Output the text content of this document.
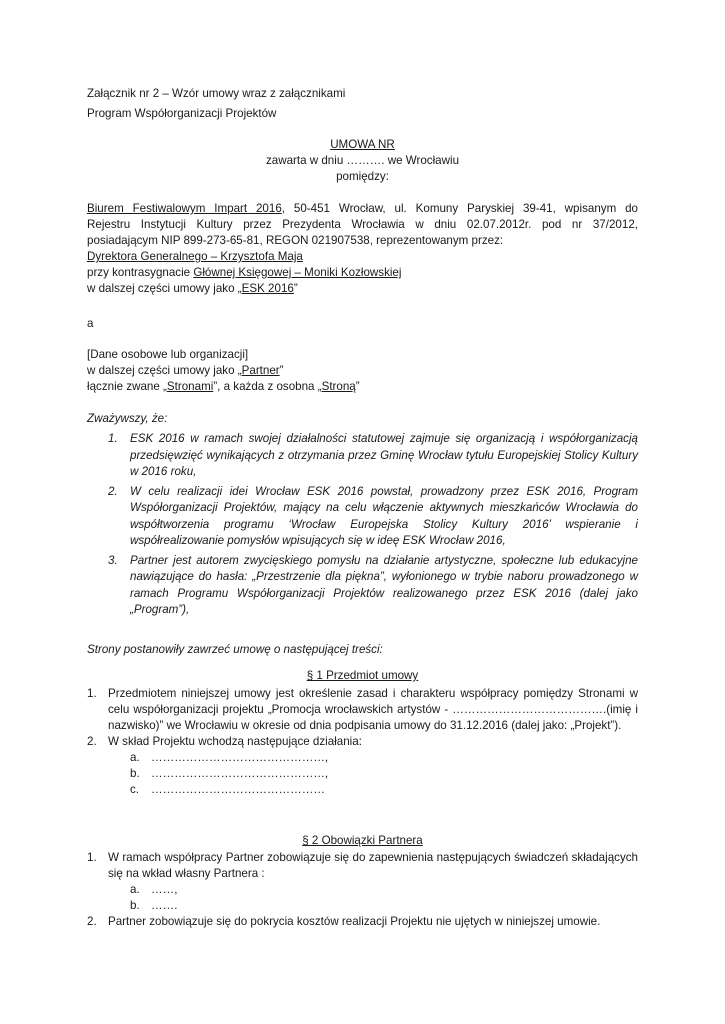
Załącznik nr 2 – Wzór umowy wraz z załącznikami
Program Współorganizacji Projektów
UMOWA NR
zawarta w dniu ………. we Wrocławiu
pomiędzy:
Biurem Festiwalowym Impart 2016, 50-451 Wrocław, ul. Komuny Paryskiej 39-41, wpisanym do
Rejestru Instytucji Kultury przez Prezydenta Wrocławia w dniu 02.07.2012r. pod nr 37/2012,
posiadającym NIP 899-273-65-81, REGON 021907538, reprezentowanym przez:
Dyrektora Generalnego – Krzysztofa Maja
przy kontrasygnacie Głównej Księgowej – Moniki Kozłowskiej
w dalszej części umowy jako „ESK 2016”
a
[Dane osobowe lub organizacji]
w dalszej części umowy jako „Partner”
łącznie zwane „Stronami”, a każda z osobna „Stroną”
Zważywszy, że:
1. ESK 2016 w ramach swojej działalności statutowej zajmuje się organizacją i współorganizacją przedsięwzięć wynikających z otrzymania przez Gminę Wrocław tytułu Europejskiej Stolicy Kultury w 2016 roku,
2. W celu realizacji idei Wrocław ESK 2016 powstał, prowadzony przez ESK 2016, Program Współorganizacji Projektów, mający na celu włączenie aktywnych mieszkańców Wrocławia do współtworzenia programu ‘Wrocław Europejska Stolicy Kultury 2016’ wspieranie i współrealizowanie pomysłów wpisujących się w ideę ESK Wrocław 2016,
3. Partner jest autorem zwycięskiego pomysłu na działanie artystyczne, społeczne lub edukacyjne nawiązujące do hasła: „Przestrzenie dla piękna”, wyłonionego w trybie naboru prowadzonego w ramach Programu Współorganizacji Projektów realizowanego przez ESK 2016 (dalej jako „Program”),
Strony postanowiły zawrzeć umowę o następującej treści:
§ 1 Przedmiot umowy
1. Przedmiotem niniejszej umowy jest określenie zasad i charakteru współpracy pomiędzy Stronami w celu współorganizacji projektu „Promocja wrocławskich artystów - ………………………………….(imię i nazwisko)” we Wrocławiu w okresie od dnia podpisania umowy do 31.12.2016 (dalej jako: „Projekt”).
2. W skład Projektu wchodzą następujące działania:
a. ………………………………………,
b. ………………………………………,
c. ………………………………………
§ 2 Obowiązki Partnera
1. W ramach współpracy Partner zobowiązuje się do zapewnienia następujących świadczeń składających się na wkład własny Partnera :
a. ……,
b. …….
2. Partner zobowiązuje się do pokrycia kosztów realizacji Projektu nie ujętych w niniejszej umowie.
